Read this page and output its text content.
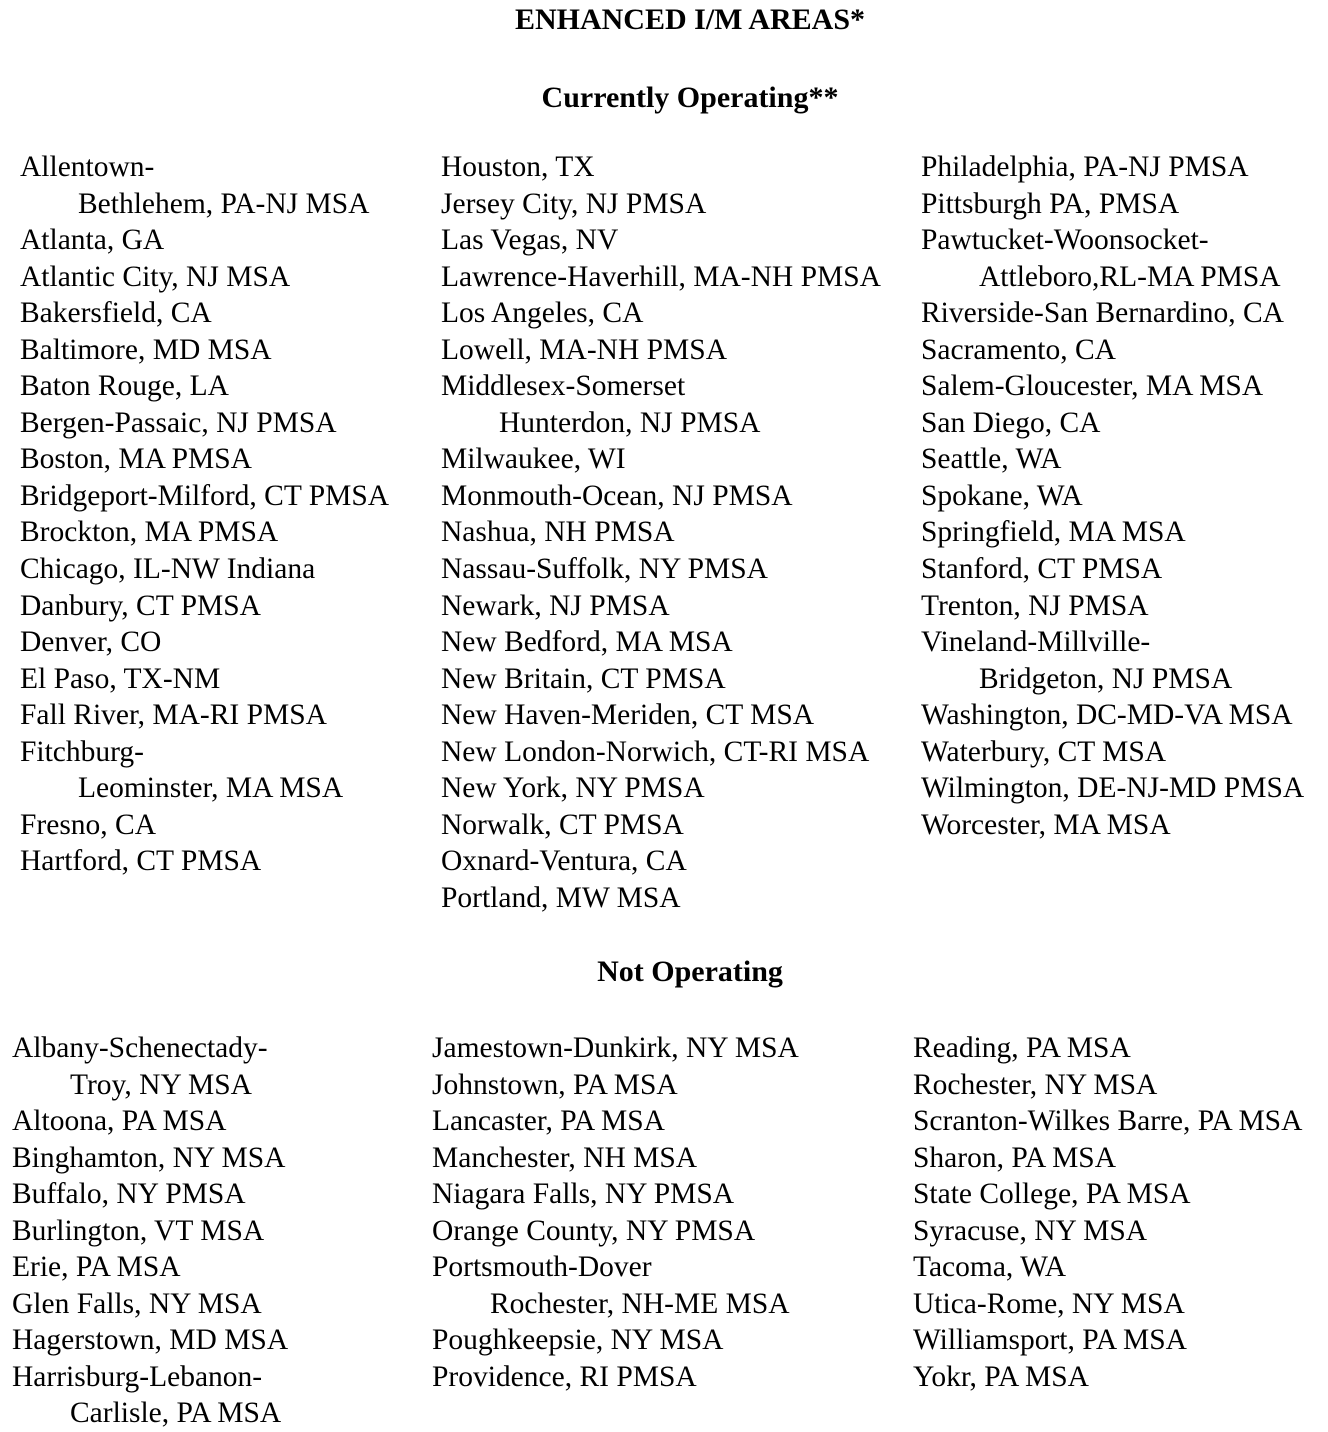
ENHANCED I/M AREAS*
Currently Operating**
Allentown-
Bethlehem, PA-NJ MSA
Atlanta, GA
Atlantic City, NJ MSA
Bakersfield, CA
Baltimore, MD MSA
Baton Rouge, LA
Bergen-Passaic, NJ PMSA
Boston, MA PMSA
Bridgeport-Milford, CT PMSA
Brockton, MA PMSA
Chicago, IL-NW Indiana
Danbury, CT PMSA
Denver, CO
El Paso, TX-NM
Fall River, MA-RI PMSA
Fitchburg-
Leominster, MA MSA
Fresno, CA
Hartford, CT PMSA
Houston, TX
Jersey City, NJ PMSA
Las Vegas, NV
Lawrence-Haverhill, MA-NH PMSA
Los Angeles, CA
Lowell, MA-NH PMSA
Middlesex-Somerset
Hunterdon, NJ PMSA
Milwaukee, WI
Monmouth-Ocean, NJ PMSA
Nashua, NH PMSA
Nassau-Suffolk, NY PMSA
Newark, NJ PMSA
New Bedford, MA MSA
New Britain, CT PMSA
New Haven-Meriden, CT MSA
New London-Norwich, CT-RI MSA
New York, NY PMSA
Norwalk, CT PMSA
Oxnard-Ventura, CA
Portland, MW MSA
Philadelphia, PA-NJ PMSA
Pittsburgh PA, PMSA
Pawtucket-Woonsocket-
Attleboro,RL-MA PMSA
Riverside-San Bernardino, CA
Sacramento, CA
Salem-Gloucester, MA MSA
San Diego, CA
Seattle, WA
Spokane, WA
Springfield, MA MSA
Stanford, CT PMSA
Trenton, NJ PMSA
Vineland-Millville-
Bridgeton, NJ PMSA
Washington, DC-MD-VA MSA
Waterbury, CT MSA
Wilmington, DE-NJ-MD PMSA
Worcester, MA MSA
Not Operating
Albany-Schenectady-
Troy, NY MSA
Altoona, PA MSA
Binghamton, NY MSA
Buffalo, NY PMSA
Burlington, VT MSA
Erie, PA MSA
Glen Falls, NY MSA
Hagerstown, MD MSA
Harrisburg-Lebanon-
Carlisle, PA MSA
Jamestown-Dunkirk, NY MSA
Johnstown, PA MSA
Lancaster, PA MSA
Manchester, NH MSA
Niagara Falls, NY PMSA
Orange County, NY PMSA
Portsmouth-Dover
Rochester, NH-ME MSA
Poughkeepsie, NY MSA
Providence, RI PMSA
Reading, PA MSA
Rochester, NY MSA
Scranton-Wilkes Barre, PA MSA
Sharon, PA MSA
State College, PA MSA
Syracuse, NY MSA
Tacoma, WA
Utica-Rome, NY MSA
Williamsport, PA MSA
Yokr, PA MSA
